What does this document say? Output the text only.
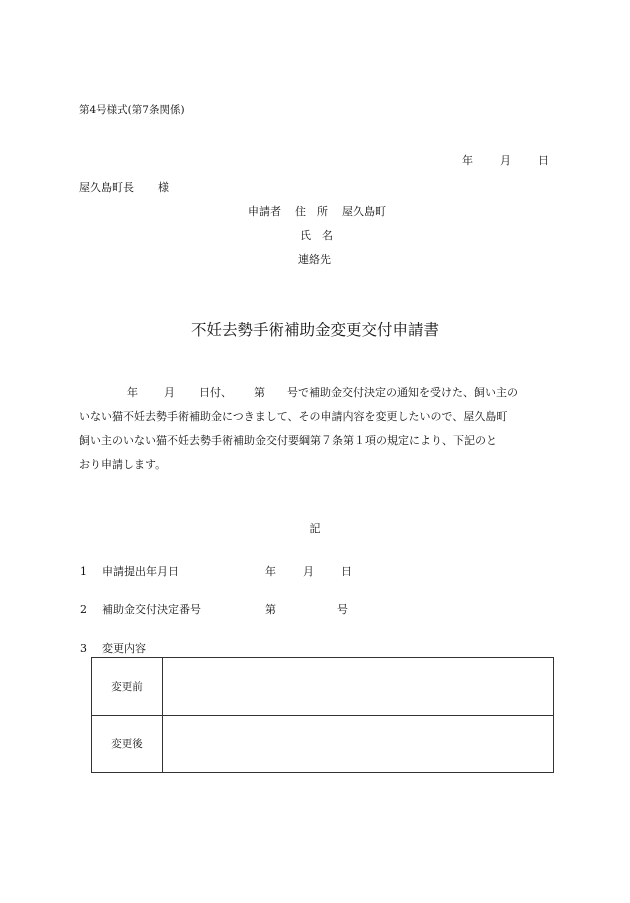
第4号様式(第7条関係)
年 月 日
屋久島町長 様
申請者 住　所 屋久島町
氏　名
連絡先
不妊去勢手術補助金変更交付申請書
年 月 日付、 第 号で補助金交付決定の通知を受けた、飼い主の
いない猫不妊去勢手術補助金につきまして、その申請内容を変更したいので、屋久島町
飼い主のいない猫不妊去勢手術補助金交付要綱第７条第１項の規定により、下記のと
おり申請します。
記
1 申請提出年月日	年 月 日
2 補助金交付決定番号	第	号
3 変更内容
変更前	
変更後	
